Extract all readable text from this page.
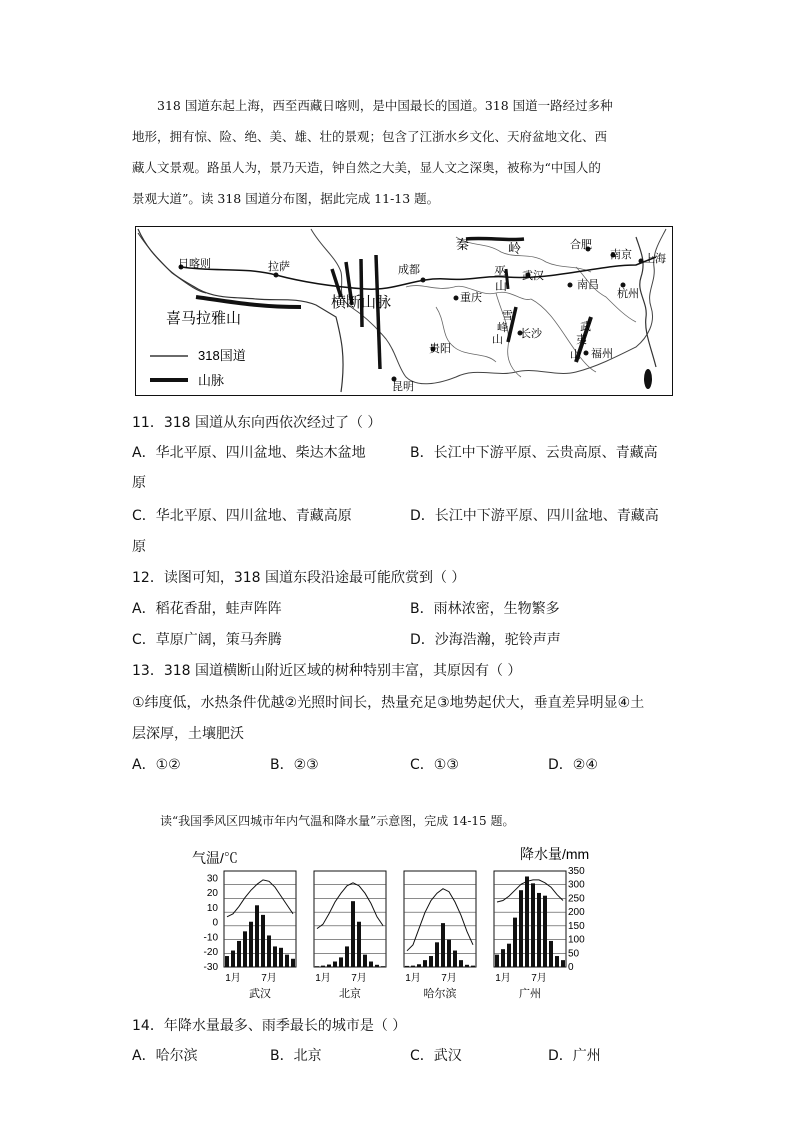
318 国道东起上海，西至西藏日喀则，是中国最长的国道。318 国道一路经过多种
地形，拥有惊、险、绝、美、雄、壮的景观；包含了江浙水乡文化、天府盆地文化、西
藏人文景观。路虽人为，景乃天造，钟自然之大美，显人文之深奥，被称为“中国人的
景观大道”。读 318 国道分布图，据此完成 11-13 题。
日喀则	拉萨	成都
重庆
贵阳
昆明
武汉
长沙
南昌
杭州
福州
合肥
南京 上海
喜马拉雅山
横断山脉
秦	岭
巫
山
雪
峰
山
武
夷
山
318国道
山脉
11．318 国道从东向西依次经过了（ ）
A．华北平原、四川盆地、柴达木盆地	B．长江中下游平原、云贵高原、青藏高
原
C．华北平原、四川盆地、青藏高原	D．长江中下游平原、四川盆地、青藏高
原
12．读图可知，318 国道东段沿途最可能欣赏到（ ）
A．稻花香甜，蛙声阵阵	B．雨林浓密，生物繁多
C．草原广阔，策马奔腾	D．沙海浩瀚，驼铃声声
13．318 国道横断山附近区域的树种特别丰富，其原因有（ ）
①纬度低，水热条件优越②光照时间长，热量充足③地势起伏大，垂直差异明显④土
层深厚，土壤肥沃
A．①②	B．②③	C．①③	D．②④
读“我国季风区四城市年内气温和降水量”示意图，完成 14-15 题。
气温/℃	降水量/mm
30
20
10
0
-10
-20
-30
350
300
250
200
150
100
50
0
1月 7月
武汉
1月 7月
北京
1月 7月
哈尔滨
1月 7月
广州
14．年降水量最多、雨季最长的城市是（ ）
A．哈尔滨	B．北京	C．武汉	D．广州
